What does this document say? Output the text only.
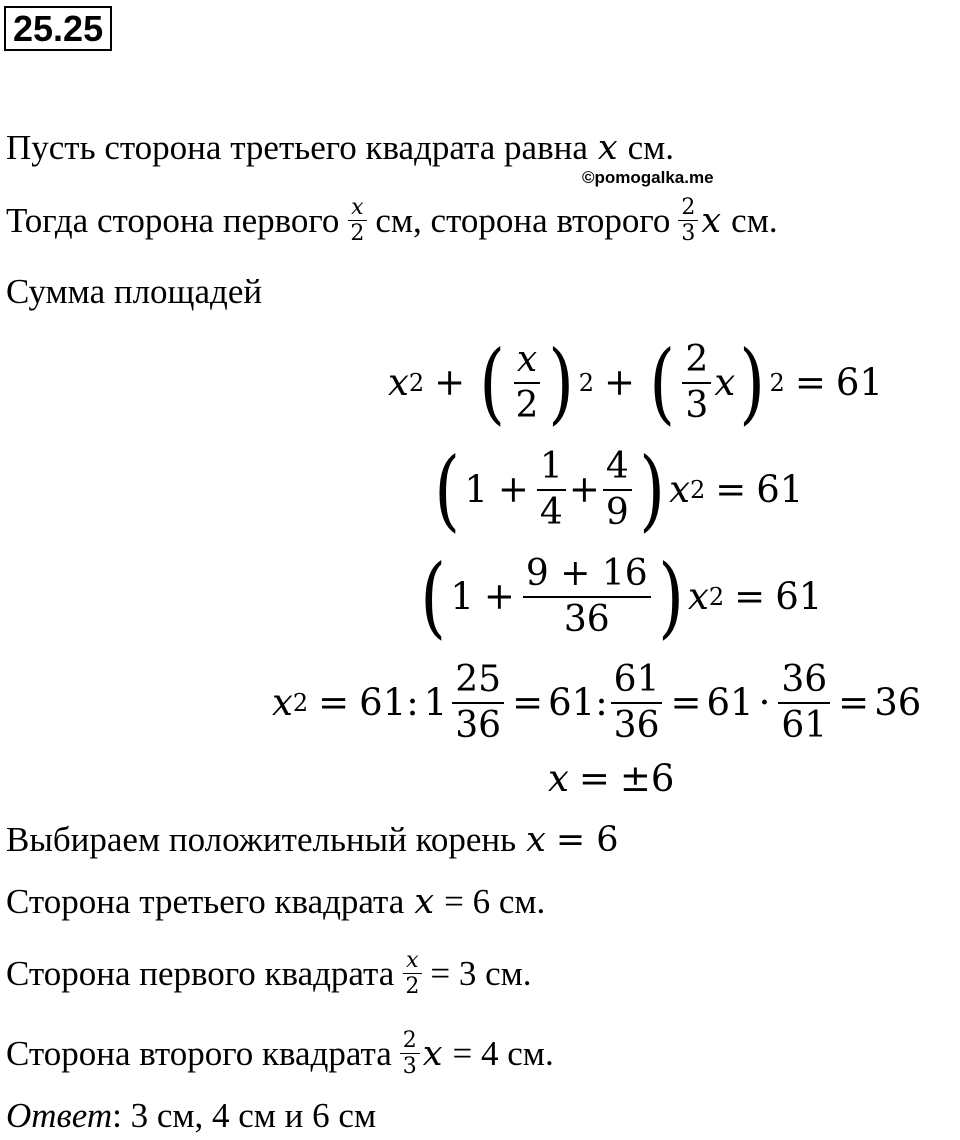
25.25
©pomogalka.me
Пусть сторона третьего квадрата равна x см.
Тогда сторона первого $\frac{x}{2}$ см, сторона второго $\frac{2}{3}$ x см.
Сумма площадей
x 2 + ( $\frac{x}{2}$ ) 2 + ( $\frac{2}{3}$ x ) 2 = 61
( $1 + \frac{1}{4} + \frac{4}{9}$ ) x 2 = 61
( $1 + \frac{9 + 16}{36}$ ) x 2 = 61
x 2 = 61 : $1 \frac{25}{36} = 61$ : $\frac{61}{36} = 61 \cdot \frac{36}{61} = 36$
x = ±6
Выбираем положительный корень x = 6
Сторона третьего квадрата x = 6 см.
Сторона первого квадрата $\frac{x}{2} = 3$ см.
Сторона второго квадрата $\frac{2}{3}$ x = 4 см.
Ответ : 3 см, 4 см и 6 см
